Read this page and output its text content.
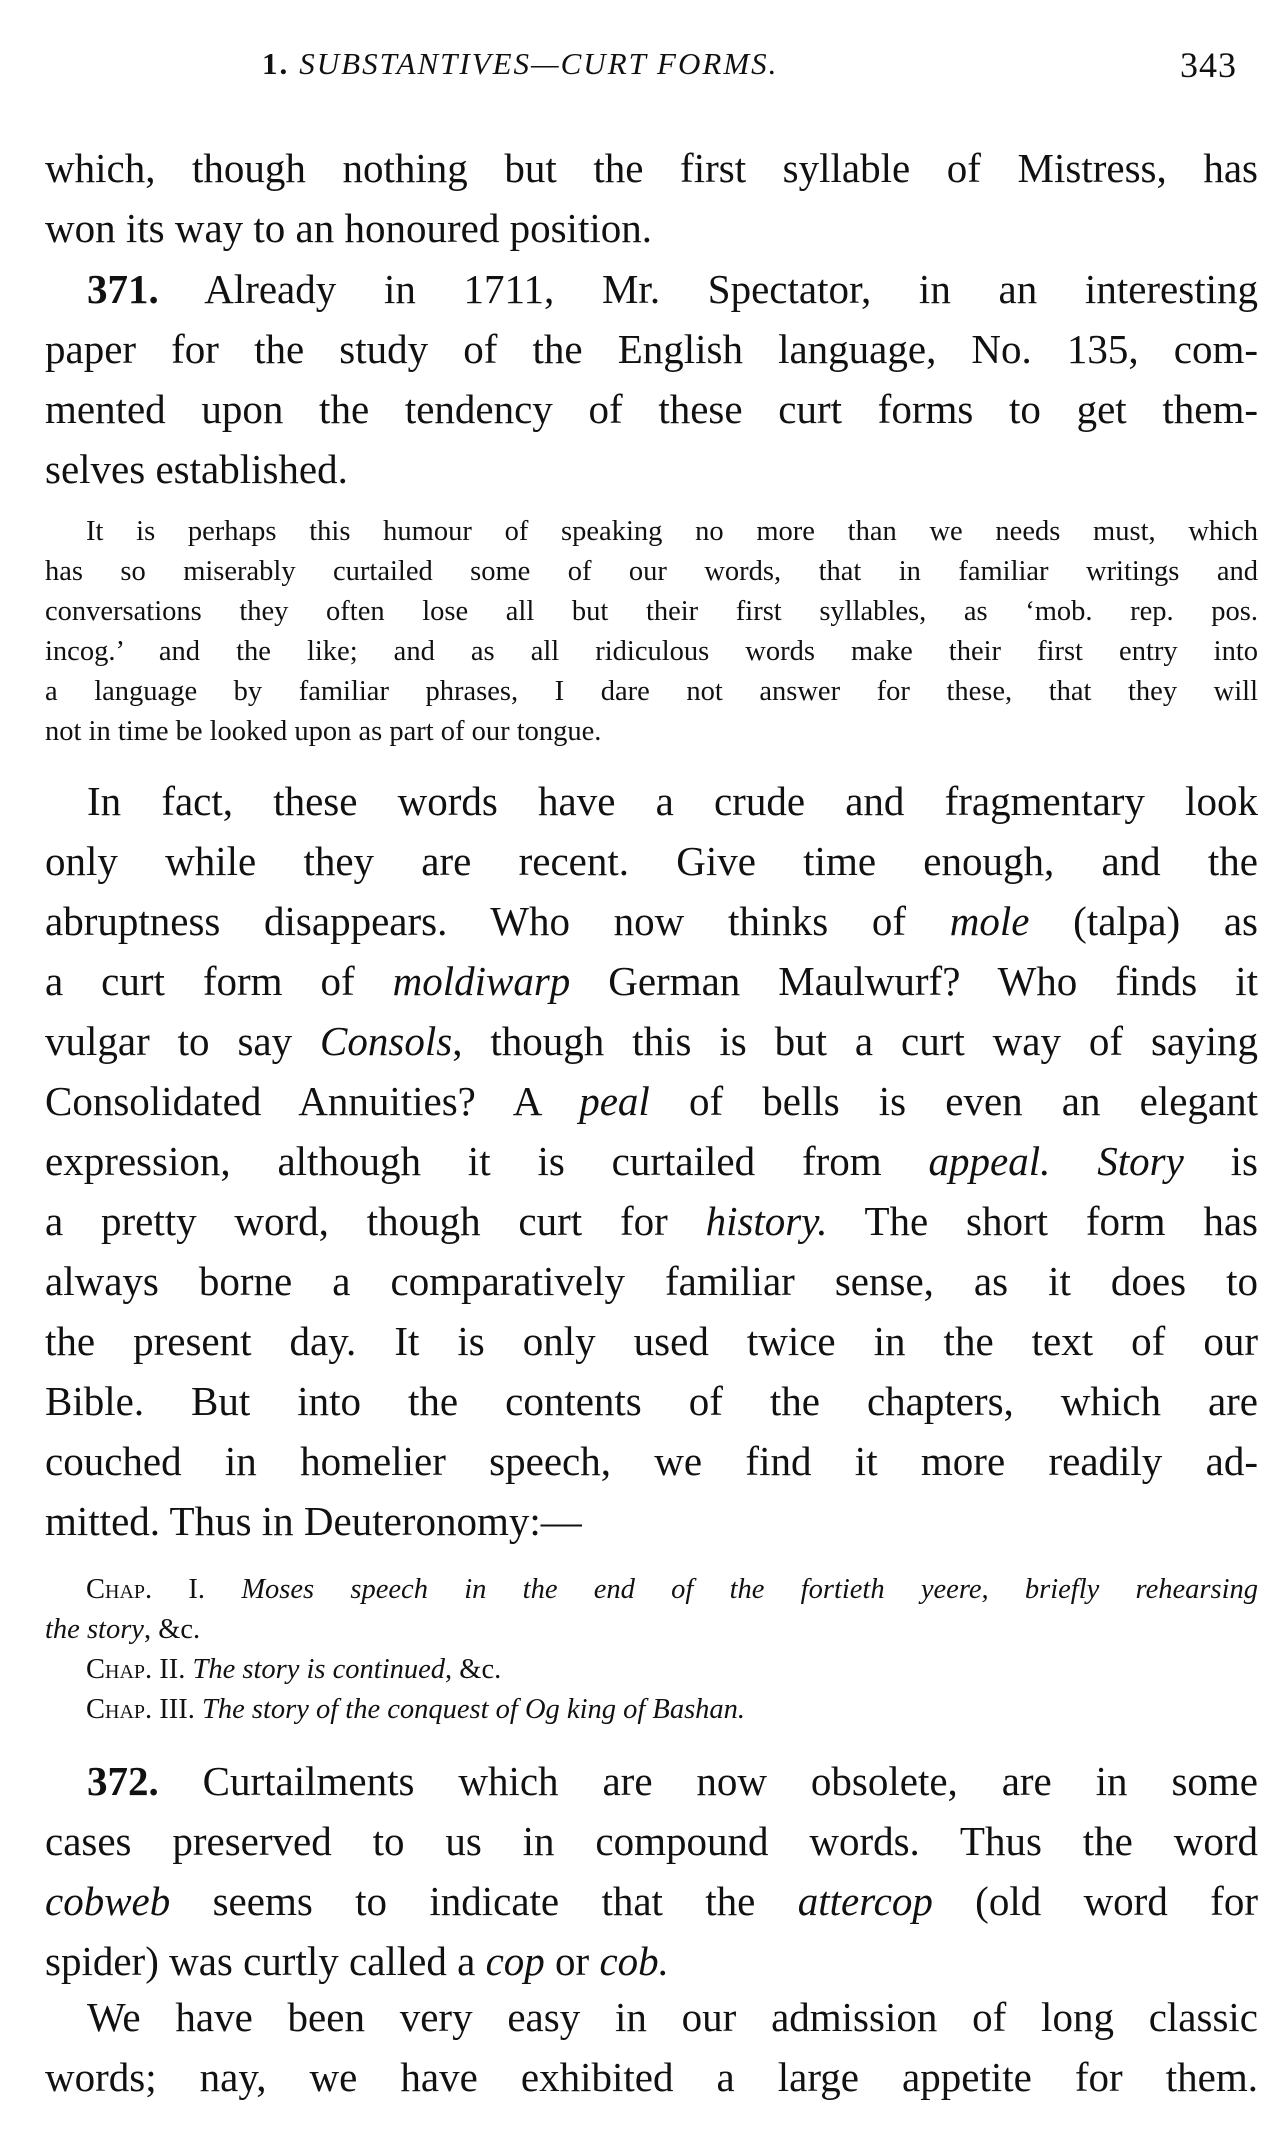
1. SUBSTANTIVES—CURT FORMS.	343
which, though nothing but the first syllable of Mistress, has
won its way to an honoured position.
371. Already in 1711, Mr. Spectator, in an interesting
paper for the study of the English language, No. 135, com-
mented upon the tendency of these curt forms to get them-
selves established.
It is perhaps this humour of speaking no more than we needs must, which
has so miserably curtailed some of our words, that in familiar writings and
conversations they often lose all but their first syllables, as ‘mob. rep. pos.
incog.’ and the like; and as all ridiculous words make their first entry into
a language by familiar phrases, I dare not answer for these, that they will
not in time be looked upon as part of our tongue.
In fact, these words have a crude and fragmentary look
only while they are recent. Give time enough, and the
abruptness disappears. Who now thinks of mole (talpa) as
a curt form of moldiwarp German Maulwurf? Who finds it
vulgar to say Consols, though this is but a curt way of saying
Consolidated Annuities? A peal of bells is even an elegant
expression, although it is curtailed from appeal. Story is
a pretty word, though curt for history. The short form has
always borne a comparatively familiar sense, as it does to
the present day. It is only used twice in the text of our
Bible. But into the contents of the chapters, which are
couched in homelier speech, we find it more readily ad-
mitted. Thus in Deuteronomy:—
Chap. I. Moses speech in the end of the fortieth yeere, briefly rehearsing
the story, &c.
Chap. II. The story is continued, &c.
Chap. III. The story of the conquest of Og king of Bashan.
372. Curtailments which are now obsolete, are in some
cases preserved to us in compound words. Thus the word
cobweb seems to indicate that the attercop (old word for
spider) was curtly called a cop or cob.
We have been very easy in our admission of long classic
words; nay, we have exhibited a large appetite for them.
